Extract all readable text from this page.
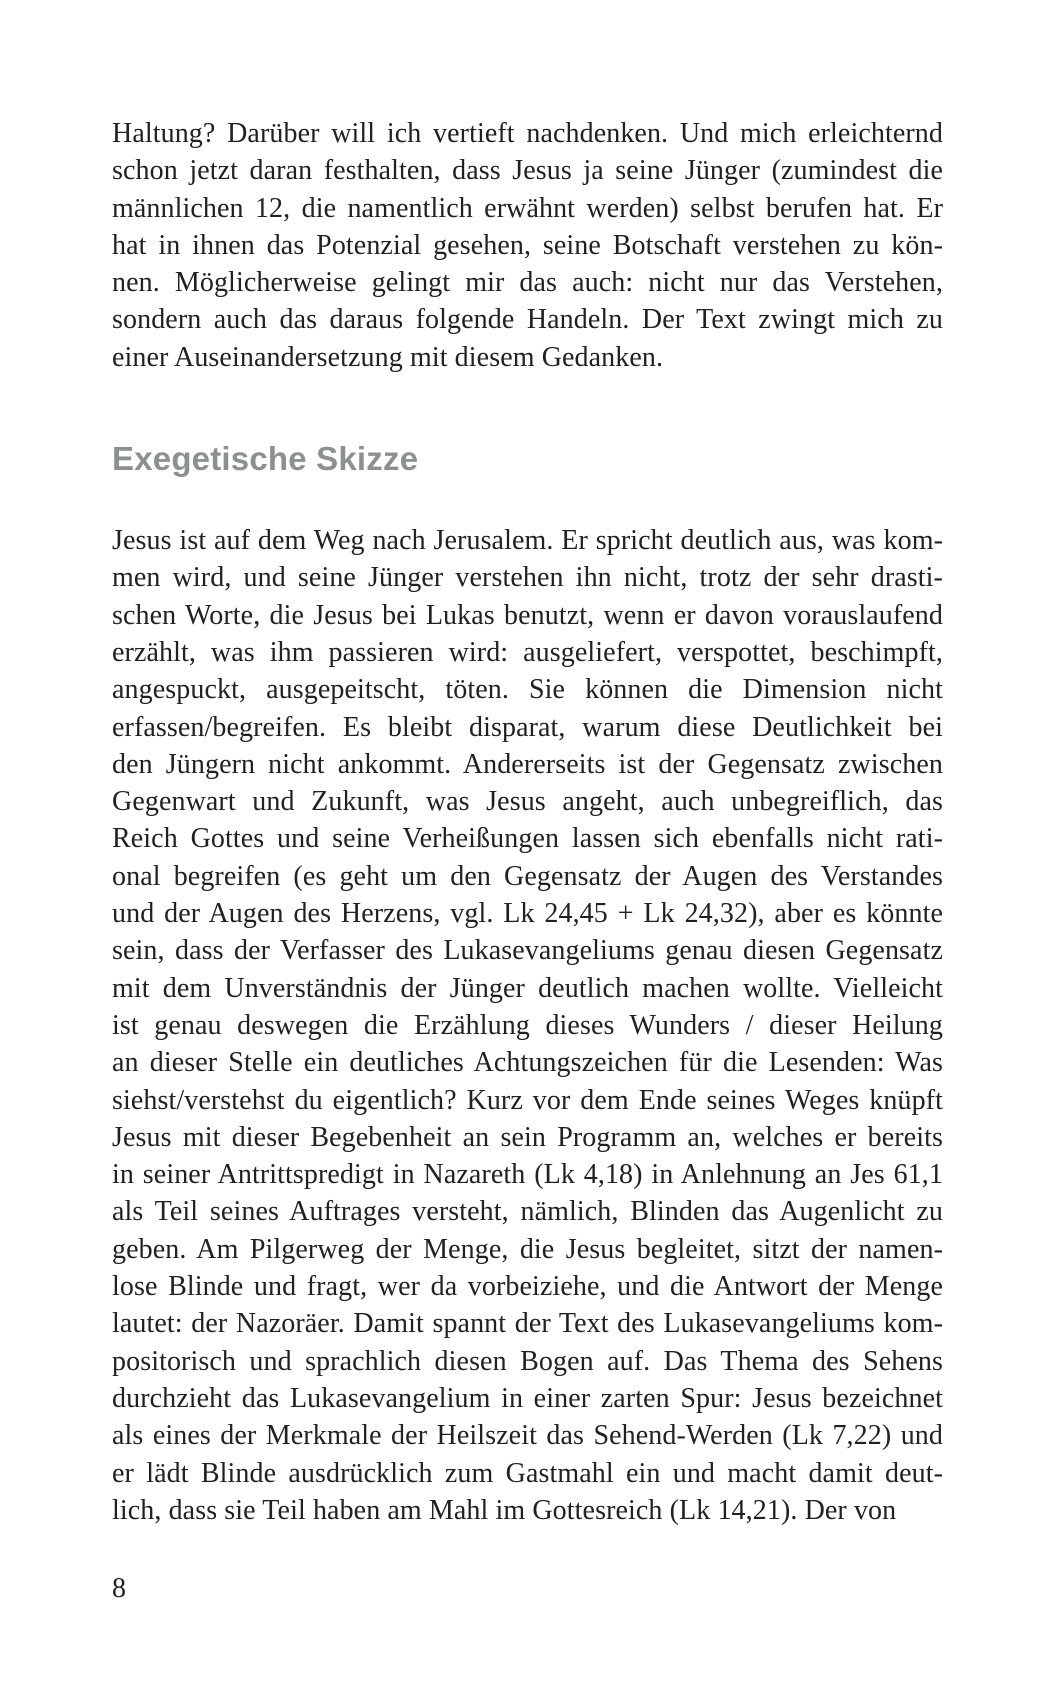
Haltung? Darüber will ich vertieft nachdenken. Und mich erleichternd
schon jetzt daran festhalten, dass Jesus ja seine Jünger (zumindest die
männlichen 12, die namentlich erwähnt werden) selbst berufen hat. Er
hat in ihnen das Potenzial gesehen, seine Botschaft verstehen zu kön-
nen. Möglicherweise gelingt mir das auch: nicht nur das Verstehen,
sondern auch das daraus folgende Handeln. Der Text zwingt mich zu
einer Auseinandersetzung mit diesem Gedanken.
Exegetische Skizze
Jesus ist auf dem Weg nach Jerusalem. Er spricht deutlich aus, was kom-
men wird, und seine Jünger verstehen ihn nicht, trotz der sehr drasti-
schen Worte, die Jesus bei Lukas benutzt, wenn er davon vorauslaufend
erzählt, was ihm passieren wird: ausgeliefert, verspottet, beschimpft,
angespuckt, ausgepeitscht, töten. Sie können die Dimension nicht
erfassen/begreifen. Es bleibt disparat, warum diese Deutlichkeit bei
den Jüngern nicht ankommt. Andererseits ist der Gegensatz zwischen
Gegenwart und Zukunft, was Jesus angeht, auch unbegreiflich, das
Reich Gottes und seine Verheißungen lassen sich ebenfalls nicht rati-
onal begreifen (es geht um den Gegensatz der Augen des Verstandes
und der Augen des Herzens, vgl. Lk 24,45 + Lk 24,32), aber es könnte
sein, dass der Verfasser des Lukasevangeliums genau diesen Gegensatz
mit dem Unverständnis der Jünger deutlich machen wollte. Vielleicht
ist genau deswegen die Erzählung dieses Wunders / dieser Heilung
an dieser Stelle ein deutliches Achtungszeichen für die Lesenden: Was
siehst/verstehst du eigentlich? Kurz vor dem Ende seines Weges knüpft
Jesus mit dieser Begebenheit an sein Programm an, welches er bereits
in seiner Antrittspredigt in Nazareth (Lk 4,18) in Anlehnung an Jes 61,1
als Teil seines Auftrages versteht, nämlich, Blinden das Augenlicht zu
geben. Am Pilgerweg der Menge, die Jesus begleitet, sitzt der namen-
lose Blinde und fragt, wer da vorbeiziehe, und die Antwort der Menge
lautet: der Nazoräer. Damit spannt der Text des Lukasevangeliums kom-
positorisch und sprachlich diesen Bogen auf. Das Thema des Sehens
durchzieht das Lukasevangelium in einer zarten Spur: Jesus bezeichnet
als eines der Merkmale der Heilszeit das Sehend-Werden (Lk 7,22) und
er lädt Blinde ausdrücklich zum Gastmahl ein und macht damit deut-
lich, dass sie Teil haben am Mahl im Gottesreich (Lk 14,21). Der von
8
